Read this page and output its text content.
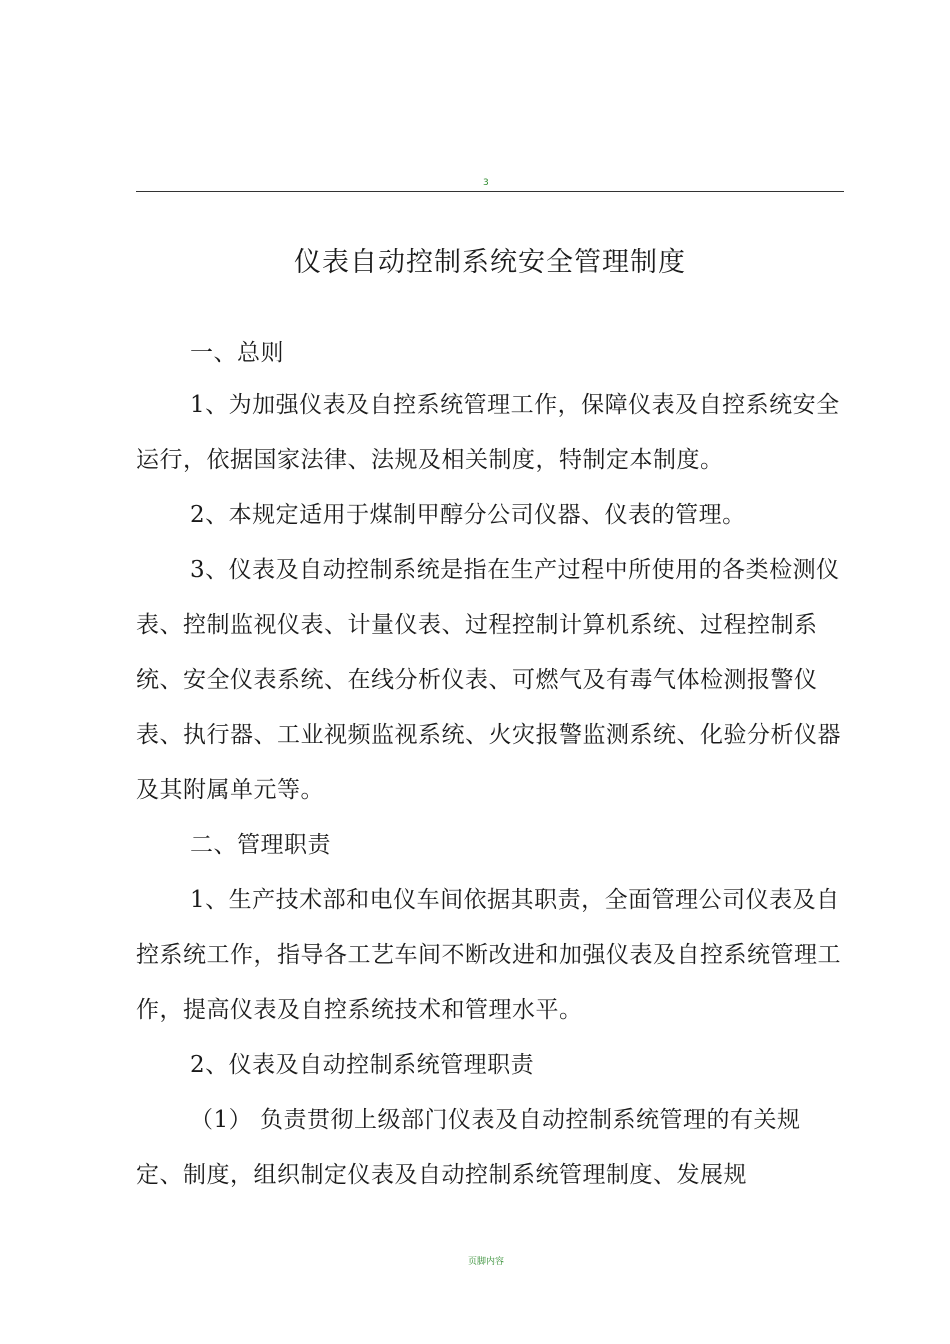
3
仪表自动控制系统安全管理制度
一、总则
1、为加强仪表及自控系统管理工作，保障仪表及自控系统安全运行，依据国家法律、法规及相关制度，特制定本制度。
2、本规定适用于煤制甲醇分公司仪器、仪表的管理。
3、仪表及自动控制系统是指在生产过程中所使用的各类检测仪表、控制监视仪表、计量仪表、过程控制计算机系统、过程控制系统、安全仪表系统、在线分析仪表、可燃气及有毒气体检测报警仪表、执行器、工业视频监视系统、火灾报警监测系统、化验分析仪器及其附属单元等。
二、管理职责
1、生产技术部和电仪车间依据其职责，全面管理公司仪表及自控系统工作，指导各工艺车间不断改进和加强仪表及自控系统管理工作，提高仪表及自控系统技术和管理水平。
2、仪表及自动控制系统管理职责
（1） 负责贯彻上级部门仪表及自动控制系统管理的有关规定、制度，组织制定仪表及自动控制系统管理制度、发展规
页脚内容
